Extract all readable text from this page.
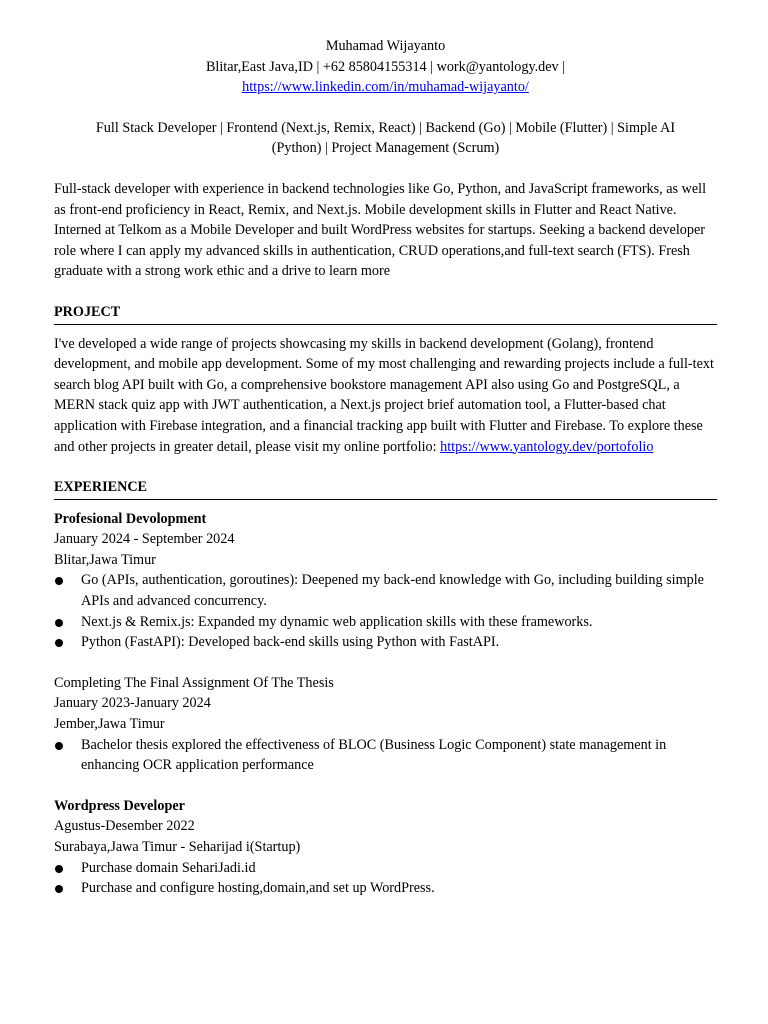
Muhamad Wijayanto

Blitar,East Java,ID | +62 85804155314 | work@yantology.dev |

https://www.linkedin.com/in/muhamad-wijayanto/

Full Stack Developer | Frontend (Next.js, Remix, React) | Backend (Go) | Mobile (Flutter) | Simple AI (Python) | Project Management (Scrum)

Full-stack developer with experience in backend technologies like Go, Python, and JavaScript frameworks, as well as front-end proficiency in React, Remix, and Next.js. Mobile development skills in Flutter and React Native. Interned at Telkom as a Mobile Developer and built WordPress websites for startups. Seeking a backend developer role where I can apply my advanced skills in authentication, CRUD operations,and full-text search (FTS). Fresh graduate with a strong work ethic and a drive to learn more

PROJECT

I've developed a wide range of projects showcasing my skills in backend development (Golang), frontend development, and mobile app development. Some of my most challenging and rewarding projects include a full-text search blog API built with Go, a comprehensive bookstore management API also using Go and PostgreSQL, a MERN stack quiz app with JWT authentication, a Next.js project brief automation tool, a Flutter-based chat application with Firebase integration, and a financial tracking app built with Flutter and Firebase. To explore these and other projects in greater detail, please visit my online portfolio: https://www.yantology.dev/portofolio

EXPERIENCE

Profesional Devolopment

January 2024 - September 2024

Blitar,Jawa Timur

Go (APIs, authentication, goroutines): Deepened my back-end knowledge with Go, including building simple APIs and advanced concurrency.
Next.js & Remix.js: Expanded my dynamic web application skills with these frameworks.
Python (FastAPI): Developed back-end skills using Python with FastAPI.

Completing The Final Assignment Of The Thesis

January 2023-January 2024

Jember,Jawa Timur

Bachelor thesis explored the effectiveness of BLOC (Business Logic Component) state management in enhancing OCR application performance

Wordpress Developer

Agustus-Desember 2022

Surabaya,Jawa Timur - Seharijad i(Startup)

Purchase domain SehariJadi.id
Purchase and configure hosting,domain,and set up WordPress.
